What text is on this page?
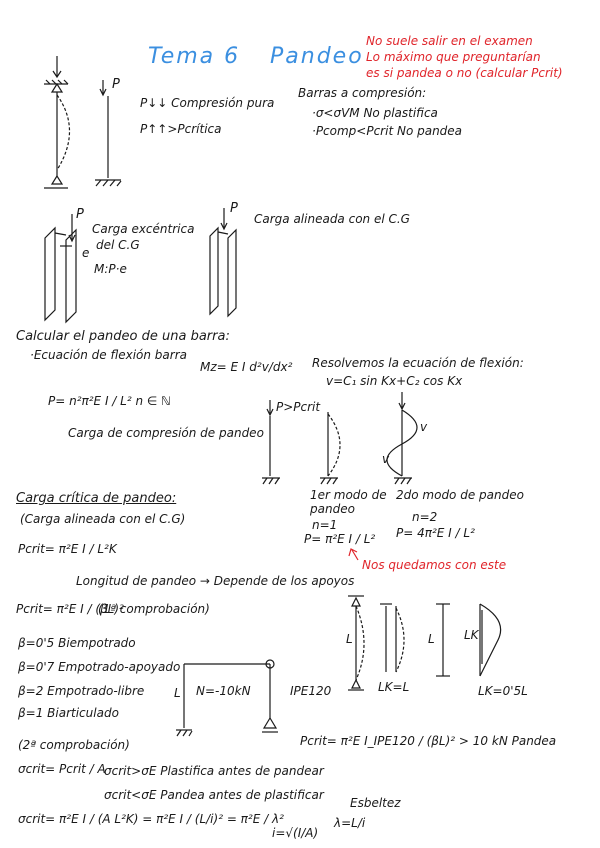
Tema 6 Pandeo
No suele salir en el examen
Lo máximo que preguntarían
es si pandea o no (calcular Pcrit)
P
P↓↓ Compresión pura
P↑↑>Pcrítica
Barras a compresión:
·σ<σVM No plastifica
·Pcomp<Pcrit No pandea
P
Carga excéntrica
del C.G
e
M:P·e
P
Carga alineada con el C.G
Calcular el pandeo de una barra:
·Ecuación de flexión barra
Mz= E I d²v/dx² Resolvemos la ecuación de flexión:
v=C₁ sin Kx+C₂ cos Kx
P= n²π²E I / L² n ∈ ℕ
Carga de compresión de pandeo
P>Pcrit
v
v
1er modo de pandeo
2do modo de pandeo
n=1
n=2
P= π²E I / L² P= 4π²E I / L²
Nos quedamos con este
Carga crítica de pandeo:
(Carga alineada con el C.G)
Pcrit= π²E I / L²K
Longitud de pandeo → Depende de los apoyos
Pcrit= π²E I / (βL)²
(1ª comprobación)
β=0'5 Biempotrado
β=0'7 Empotrado-apoyado
β=2 Empotrado-libre
β=1 Biarticulado
L N=-10kN	IPE120
L
LK=L
L LK
LK=0'5L
Pcrit= π²E I_IPE120 / (βL)² > 10 kN Pandea
(2ª comprobación)
σcrit= Pcrit / A
σcrit>σE Plastifica antes de pandear
σcrit<σE Pandea antes de plastificar
σcrit= π²E I / (A L²K) = π²E I / (L/i)² = π²E / λ²
i=√(I/A)
Esbeltez
λ=L/i
